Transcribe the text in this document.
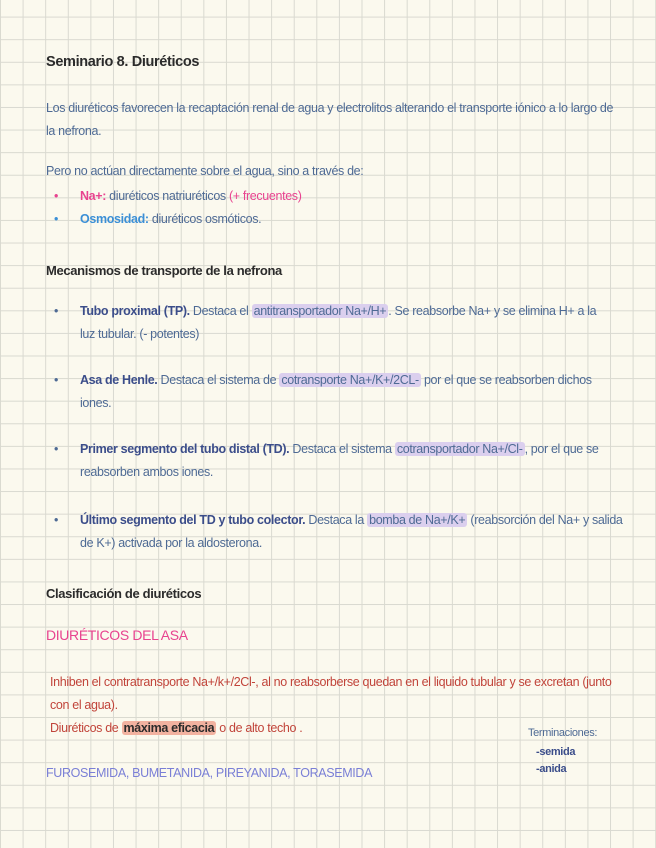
Seminario 8. Diuréticos
Los diuréticos favorecen la recaptación renal de agua y electrolitos alterando el transporte iónico a lo largo de
la nefrona.
Pero no actúan directamente sobre el agua, sino a través de:
• Na+: diuréticos natriuréticos (+ frecuentes)
• Osmosidad: diuréticos osmóticos.
Mecanismos de transporte de la nefrona
• Tubo proximal (TP). Destaca el antitransportador Na+/H+ . Se reabsorbe Na+ y se elimina H+ a la
luz tubular. (- potentes)
• Asa de Henle. Destaca el sistema de cotransporte Na+/K+/2CL- por el que se reabsorben dichos
iones.
• Primer segmento del tubo distal (TD). Destaca el sistema cotransportador Na+/Cl- , por el que se
reabsorben ambos iones.
• Último segmento del TD y tubo colector. Destaca la bomba de Na+/K+ (reabsorción del Na+ y salida
de K+) activada por la aldosterona.
Clasificación de diuréticos
DIURÉTICOS DEL ASA
Inhiben el contratransporte Na+/k+/2Cl-, al no reabsorberse quedan en el liquido tubular y se excretan (junto
con el agua).
Diuréticos de máxima eficacia o de alto techo .
FUROSEMIDA, BUMETANIDA, PIREYANIDA, TORASEMIDA
Terminaciones:
-semida
-anida
